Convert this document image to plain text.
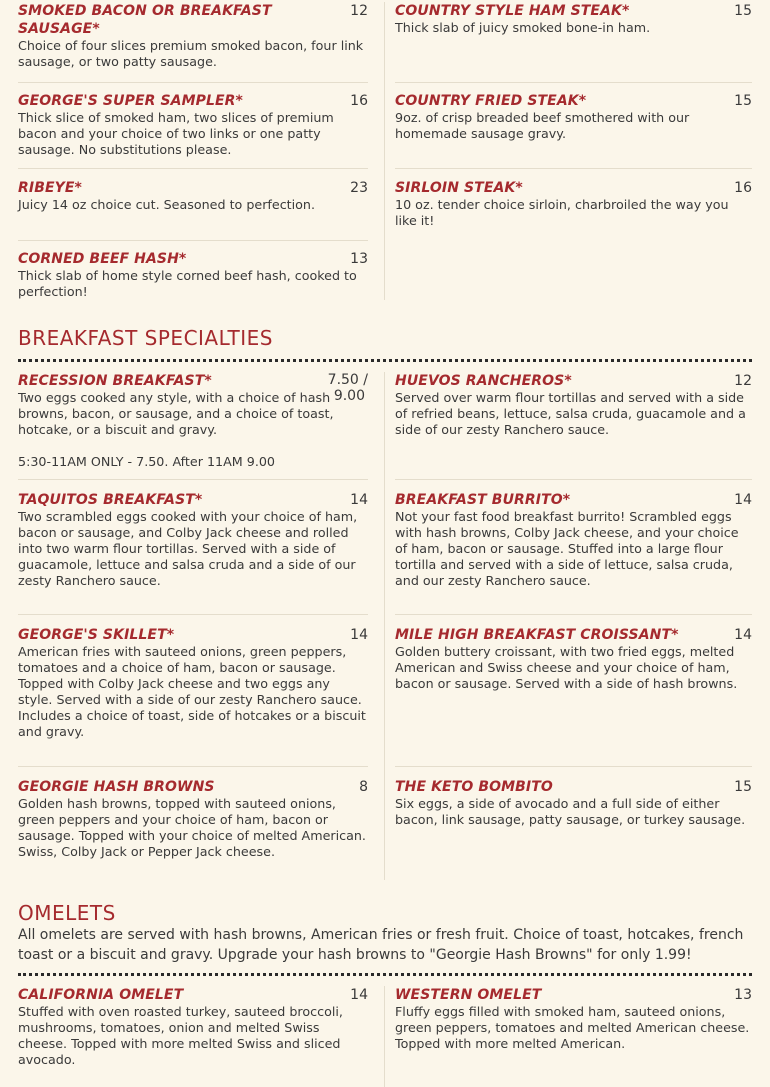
SMOKED BACON OR BREAKFAST SAUSAGE*
12
Choice of four slices premium smoked bacon, four link sausage, or two patty sausage.
COUNTRY STYLE HAM STEAK*	15
Thick slab of juicy smoked bone-in ham.
GEORGE'S SUPER SAMPLER*	16
Thick slice of smoked ham, two slices of premium bacon and your choice of two links or one patty sausage. No substitutions please.
COUNTRY FRIED STEAK*	15
9oz. of crisp breaded beef smothered with our homemade sausage gravy.
RIBEYE*	23
Juicy 14 oz choice cut. Seasoned to perfection.
SIRLOIN STEAK*	16
10 oz. tender choice sirloin, charbroiled the way you like it!
CORNED BEEF HASH*	13
Thick slab of home style corned beef hash, cooked to perfection!
BREAKFAST SPECIALTIES
RECESSION BREAKFAST*	7.50 /
9.00
Two eggs cooked any style, with a choice of hash browns, bacon, or sausage, and a choice of toast, hotcake, or a biscuit and gravy.
5:30-11AM ONLY - 7.50. After 11AM 9.00
HUEVOS RANCHEROS*	12
Served over warm flour tortillas and served with a side of refried beans, lettuce, salsa cruda, guacamole and a side of our zesty Ranchero sauce.
TAQUITOS BREAKFAST*	14
Two scrambled eggs cooked with your choice of ham, bacon or sausage, and Colby Jack cheese and rolled into two warm flour tortillas. Served with a side of guacamole, lettuce and salsa cruda and a side of our zesty Ranchero sauce.
BREAKFAST BURRITO*	14
Not your fast food breakfast burrito! Scrambled eggs with hash browns, Colby Jack cheese, and your choice of ham, bacon or sausage. Stuffed into a large flour tortilla and served with a side of lettuce, salsa cruda, and our zesty Ranchero sauce.
GEORGE'S SKILLET*	14
American fries with sauteed onions, green peppers, tomatoes and a choice of ham, bacon or sausage. Topped with Colby Jack cheese and two eggs any style. Served with a side of our zesty Ranchero sauce. Includes a choice of toast, side of hotcakes or a biscuit and gravy.
MILE HIGH BREAKFAST CROISSANT*	14
Golden buttery croissant, with two fried eggs, melted American and Swiss cheese and your choice of ham, bacon or sausage. Served with a side of hash browns.
GEORGIE HASH BROWNS	8
Golden hash browns, topped with sauteed onions, green peppers and your choice of ham, bacon or sausage. Topped with your choice of melted American. Swiss, Colby Jack or Pepper Jack cheese.
THE KETO BOMBITO	15
Six eggs, a side of avocado and a full side of either bacon, link sausage, patty sausage, or turkey sausage.
OMELETS
All omelets are served with hash browns, American fries or fresh fruit. Choice of toast, hotcakes, french toast or a biscuit and gravy. Upgrade your hash browns to "Georgie Hash Browns" for only 1.99!
CALIFORNIA OMELET	14
Stuffed with oven roasted turkey, sauteed broccoli, mushrooms, tomatoes, onion and melted Swiss cheese. Topped with more melted Swiss and sliced avocado.
WESTERN OMELET	13
Fluffy eggs filled with smoked ham, sauteed onions, green peppers, tomatoes and melted American cheese. Topped with more melted American.
